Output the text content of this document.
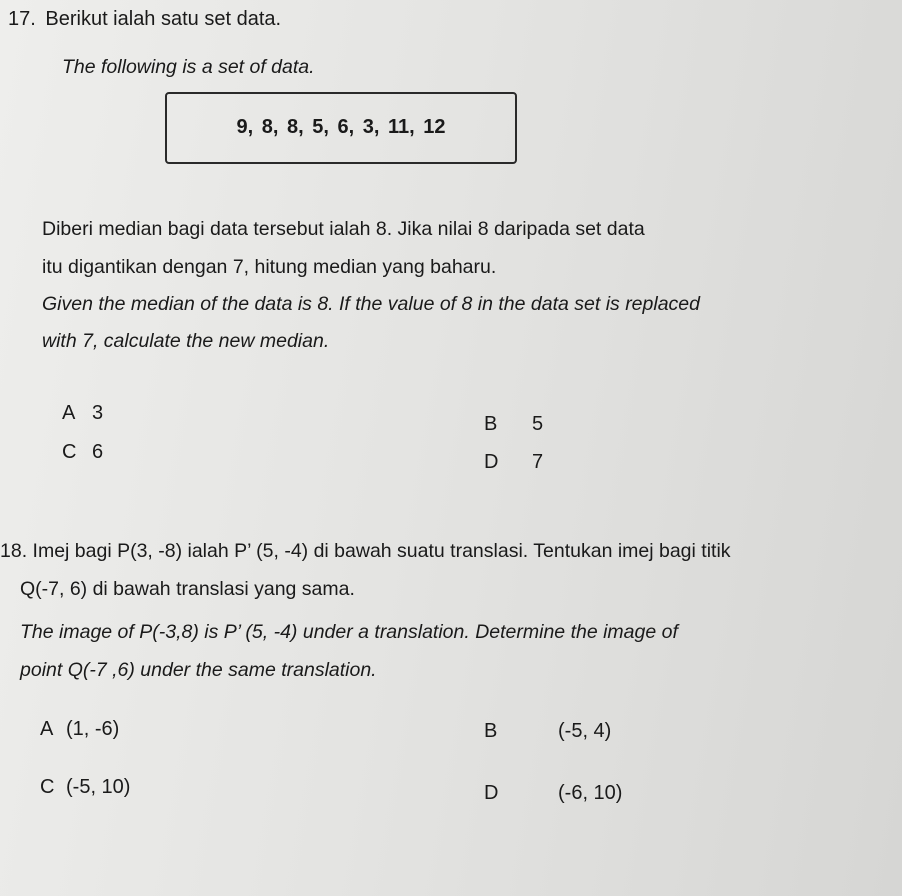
17. Berikut ialah satu set data.
The following is a set of data.
9, 8, 8, 5, 6, 3, 11, 12
Diberi median bagi data tersebut ialah 8. Jika nilai 8 daripada set data
itu digantikan dengan 7, hitung median yang baharu.
Given the median of the data is 8. If the value of 8 in the data set is replaced
with 7, calculate the new median.
A 3	B 5
C 6	D 7
18. Imej bagi P(3, -8) ialah P’ (5, -4) di bawah suatu translasi. Tentukan imej bagi titik
Q(-7, 6) di bawah translasi yang sama.
The image of P(-3,8) is P’ (5, -4) under a translation. Determine the image of
point Q(-7 ,6) under the same translation.
A (1, -6)	B	(-5, 4)
C (-5, 10)	D	(-6, 10)
